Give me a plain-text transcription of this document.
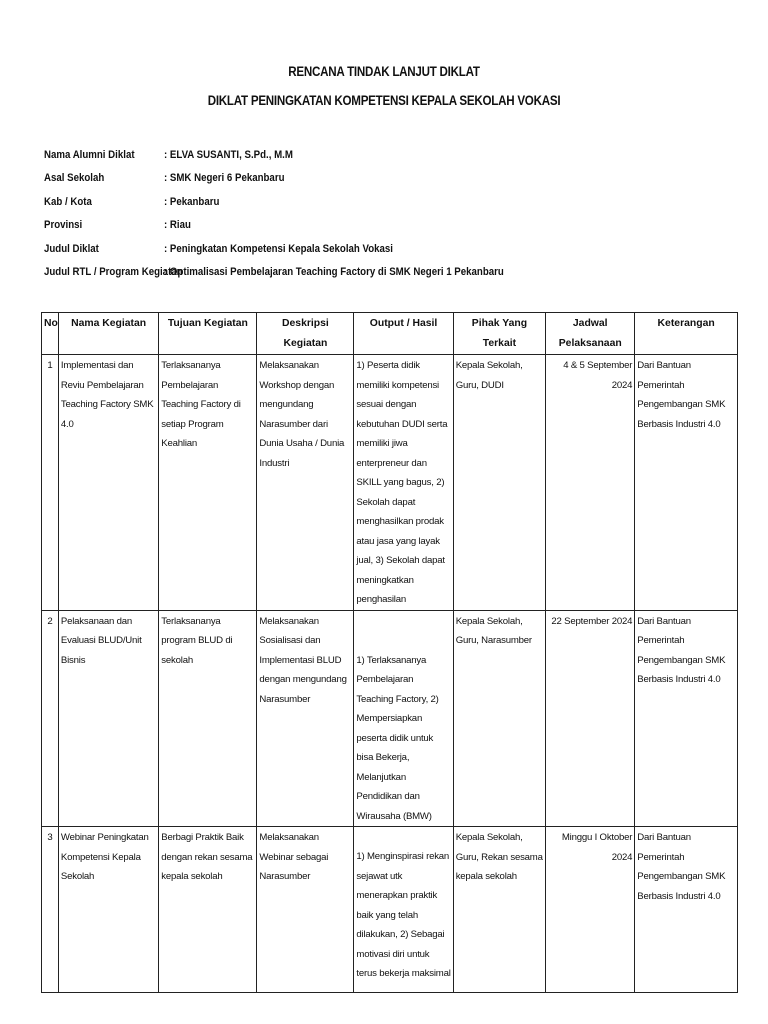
RENCANA TINDAK LANJUT DIKLAT
DIKLAT PENINGKATAN KOMPETENSI KEPALA SEKOLAH VOKASI
Nama Alumni Diklat	: ELVA SUSANTI, S.Pd., M.M
Asal Sekolah	: SMK Negeri 6 Pekanbaru
Kab / Kota	: Pekanbaru
Provinsi	: Riau
Judul Diklat	: Peningkatan Kompetensi Kepala Sekolah Vokasi
Judul RTL / Program Kegiatan
: Optimalisasi Pembelajaran Teaching Factory di SMK Negeri 1 Pekanbaru
No	Nama Kegiatan	Tujuan Kegiatan	Deskripsi Kegiatan	Output / Hasil	Pihak Yang Terkait	Jadwal Pelaksanaan	Keterangan
1	Implementasi dan Reviu Pembelajaran Teaching Factory SMK 4.0	Terlaksananya Pembelajaran Teaching Factory di setiap Program Keahlian	Melaksanakan Workshop dengan mengundang Narasumber dari Dunia Usaha / Dunia Industri	1) Peserta didik memiliki kompetensi sesuai dengan kebutuhan DUDI serta memiliki jiwa enterpreneur dan SKILL yang bagus, 2) Sekolah dapat menghasilkan prodak atau jasa yang layak jual, 3) Sekolah dapat meningkatkan penghasilan	Kepala Sekolah, Guru, DUDI	4 & 5 September 2024	Dari Bantuan Pemerintah Pengembangan SMK Berbasis Industri 4.0
2	Pelaksanaan dan Evaluasi BLUD/Unit Bisnis	Terlaksananya program BLUD di sekolah	Melaksanakan Sosialisasi dan Implementasi BLUD dengan mengundang Narasumber	1) Terlaksananya Pembelajaran Teaching Factory, 2) Mempersiapkan peserta didik untuk bisa Bekerja, Melanjutkan Pendidikan dan Wirausaha (BMW)	Kepala Sekolah, Guru, Narasumber	22 September 2024	Dari Bantuan Pemerintah Pengembangan SMK Berbasis Industri 4.0
3	Webinar Peningkatan Kompetensi Kepala Sekolah	Berbagi Praktik Baik dengan rekan sesama kepala sekolah	Melaksanakan Webinar sebagai Narasumber	1) Menginspirasi rekan sejawat utk menerapkan praktik baik yang telah dilakukan, 2) Sebagai motivasi diri untuk terus bekerja maksimal	Kepala Sekolah, Guru, Rekan sesama kepala sekolah	Minggu I Oktober 2024	Dari Bantuan Pemerintah Pengembangan SMK Berbasis Industri 4.0
